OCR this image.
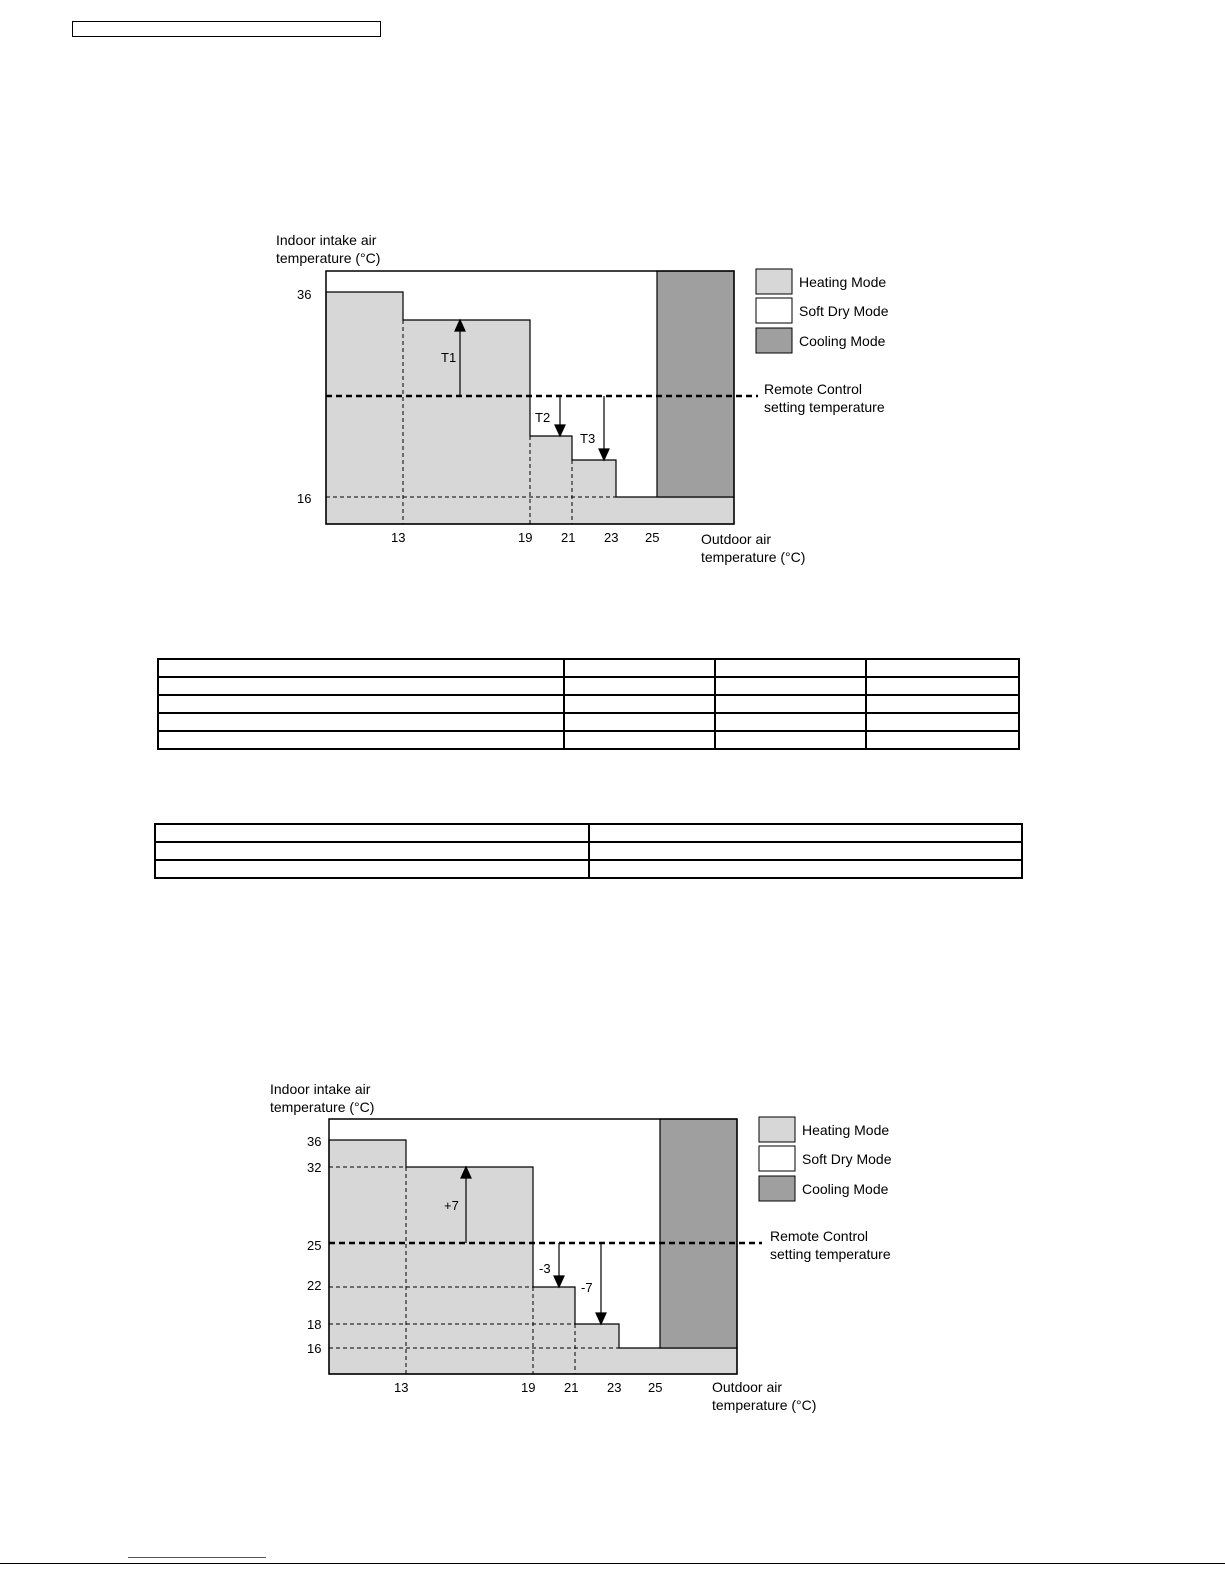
Indoor intake air
temperature (°C)
Outdoor air
temperature (°C)
36
16
13	19 21 23 25
T1
T2
T3
Remote Control
setting temperature
Heating Mode
Soft Dry Mode
Cooling Mode

Indoor intake air
temperature (°C)
Outdoor air
temperature (°C)
36
32
25
22
18
16
13	19 21 23 25
+7
-3
-7
Remote Control
setting temperature
Heating Mode
Soft Dry Mode
Cooling Mode
